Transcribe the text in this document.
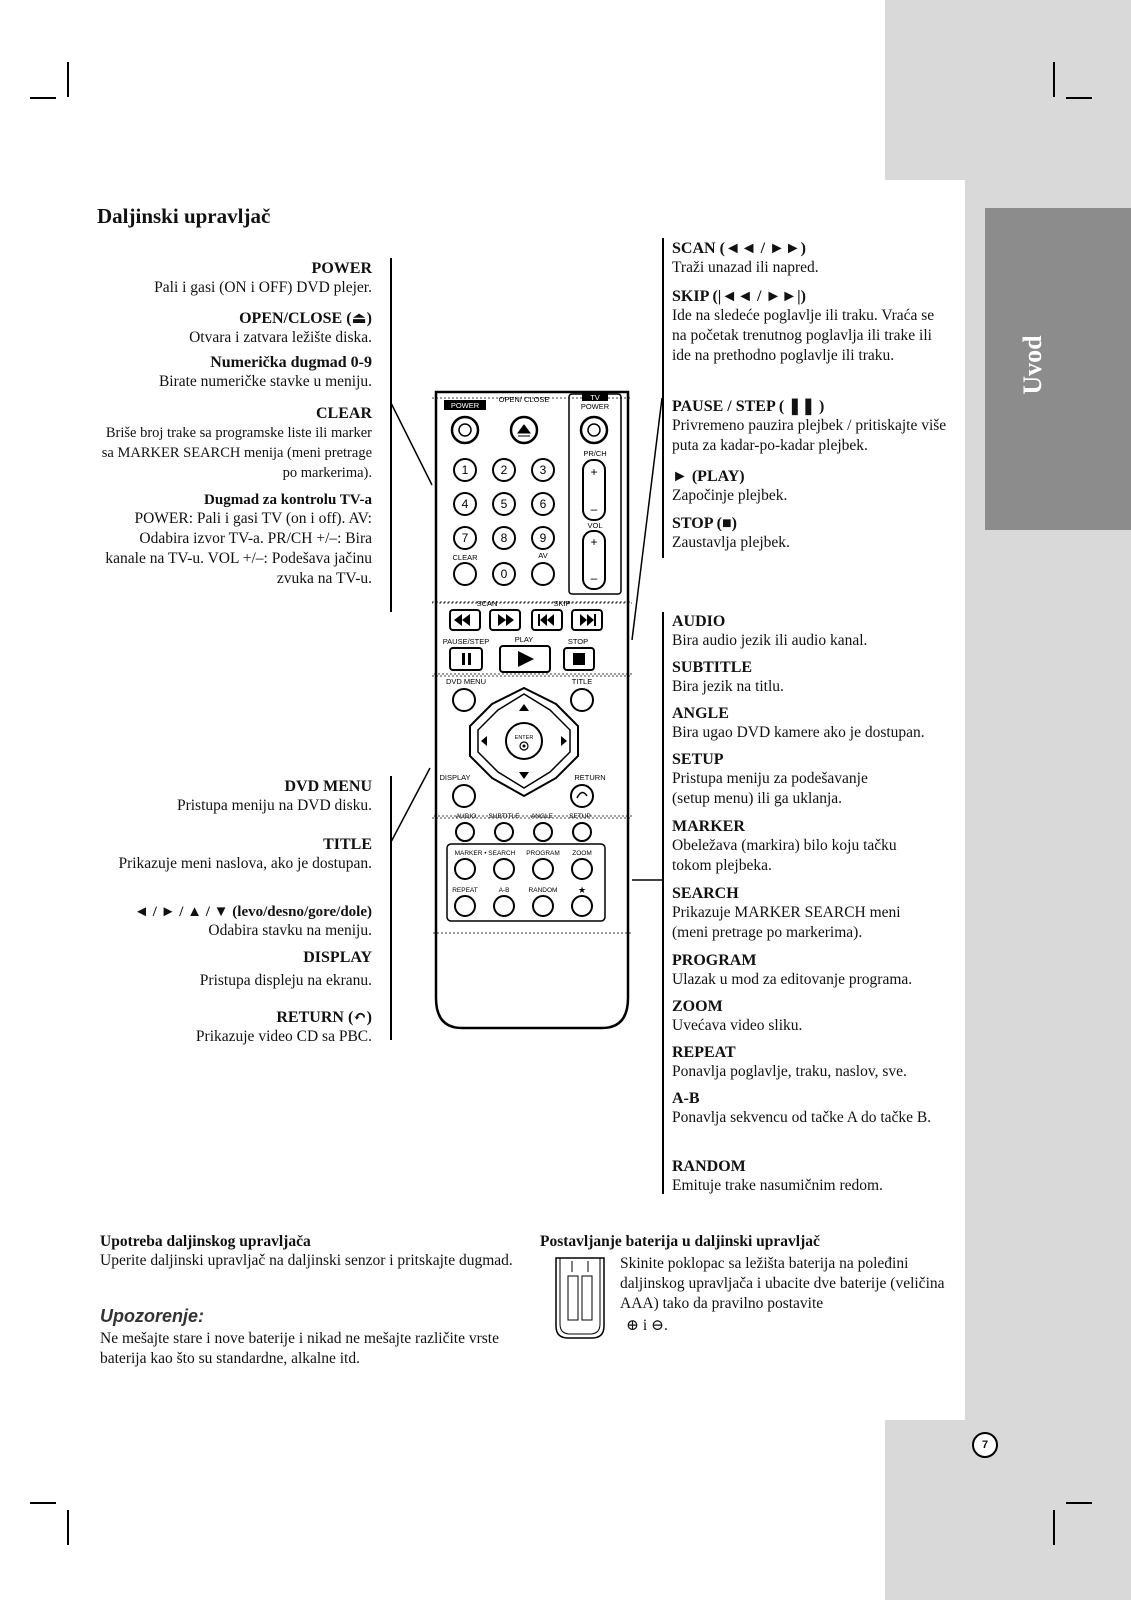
Uvod
Daljinski upravljač
POWER
Pali i gasi (ON i OFF) DVD plejer.
OPEN/CLOSE (⏏)
Otvara i zatvara ležište diska.
Numerička dugmad 0-9
Birate numeričke stavke u meniju.
CLEAR
Briše broj trake sa programske liste ili marker sa MARKER SEARCH menija (meni pretrage po markerima).
Dugmad za kontrolu TV-a
POWER: Pali i gasi TV (on i off). AV: Odabira izvor TV-a. PR/CH +/–: Bira kanale na TV-u. VOL +/–: Podešava jačinu zvuka na TV-u.
DVD MENU
Pristupa meniju na DVD disku.
TITLE
Prikazuje meni naslova, ako je dostupan.
◄ / ► / ▲ / ▼ (levo/desno/gore/dole)
Odabira stavku na meniju.
DISPLAY
Pristupa displeju na ekranu.
RETURN (↶)
Prikazuje video CD sa PBC.
SCAN (◄◄ / ►►)
Traži unazad ili napred.
SKIP (|◄◄ / ►►|)
Ide na sledeće poglavlje ili traku. Vraća se na početak trenutnog poglavlja ili trake ili ide na prethodno poglavlje ili traku.
PAUSE / STEP ( ❚❚ )
Privremeno pauzira plejbek / pritiskajte više puta za kadar-po-kadar plejbek.
► (PLAY)
Započinje plejbek.
STOP (■)
Zaustavlja plejbek.
AUDIO
Bira audio jezik ili audio kanal.
SUBTITLE
Bira jezik na titlu.
ANGLE
Bira ugao DVD kamere ako je dostupan.
SETUP
Pristupa meniju za podešavanje (setup menu) ili ga uklanja.
MARKER
Obeležava (markira) bilo koju tačku tokom plejbeka.
SEARCH
Prikazuje MARKER SEARCH meni (meni pretrage po markerima).
PROGRAM
Ulazak u mod za editovanje programa.
ZOOM
Uvećava video sliku.
REPEAT
Ponavlja poglavlje, traku, naslov, sve.
A-B
Ponavlja sekvencu od tačke A do tačke B.
RANDOM
Emituje trake nasumičnim redom.
POWER
OPEN/ CLOSE	TV
POWER
PR/CH
+
–
VOL
+
–
1	2	3
4	5	6
7	8	9
0
CLEAR	AV
SCAN	SKIP
PAUSE/STEP	PLAY	STOP
DVD MENU	TITLE
ENTER
DISPLAY	RETURN
AUDIO SUBTITLE ANGLE SETUP
MARKER • SEARCH PROGRAM ZOOM
REPEAT	A-B	RANDOM ★
Upotreba daljinskog upravljača
Uperite daljinski upravljač na daljinski senzor i pritskajte dugmad.
Upozorenje:
Ne mešajte stare i nove baterije i nikad ne mešajte različite vrste baterija kao što su standardne, alkalne itd.
Postavljanje baterija u daljinski upravljač
Skinite poklopac sa ležišta baterija na poleđini daljinskog upravljača i ubacite dve baterije (veličina AAA) tako da pravilno postavite
⊕ i ⊖.
7
